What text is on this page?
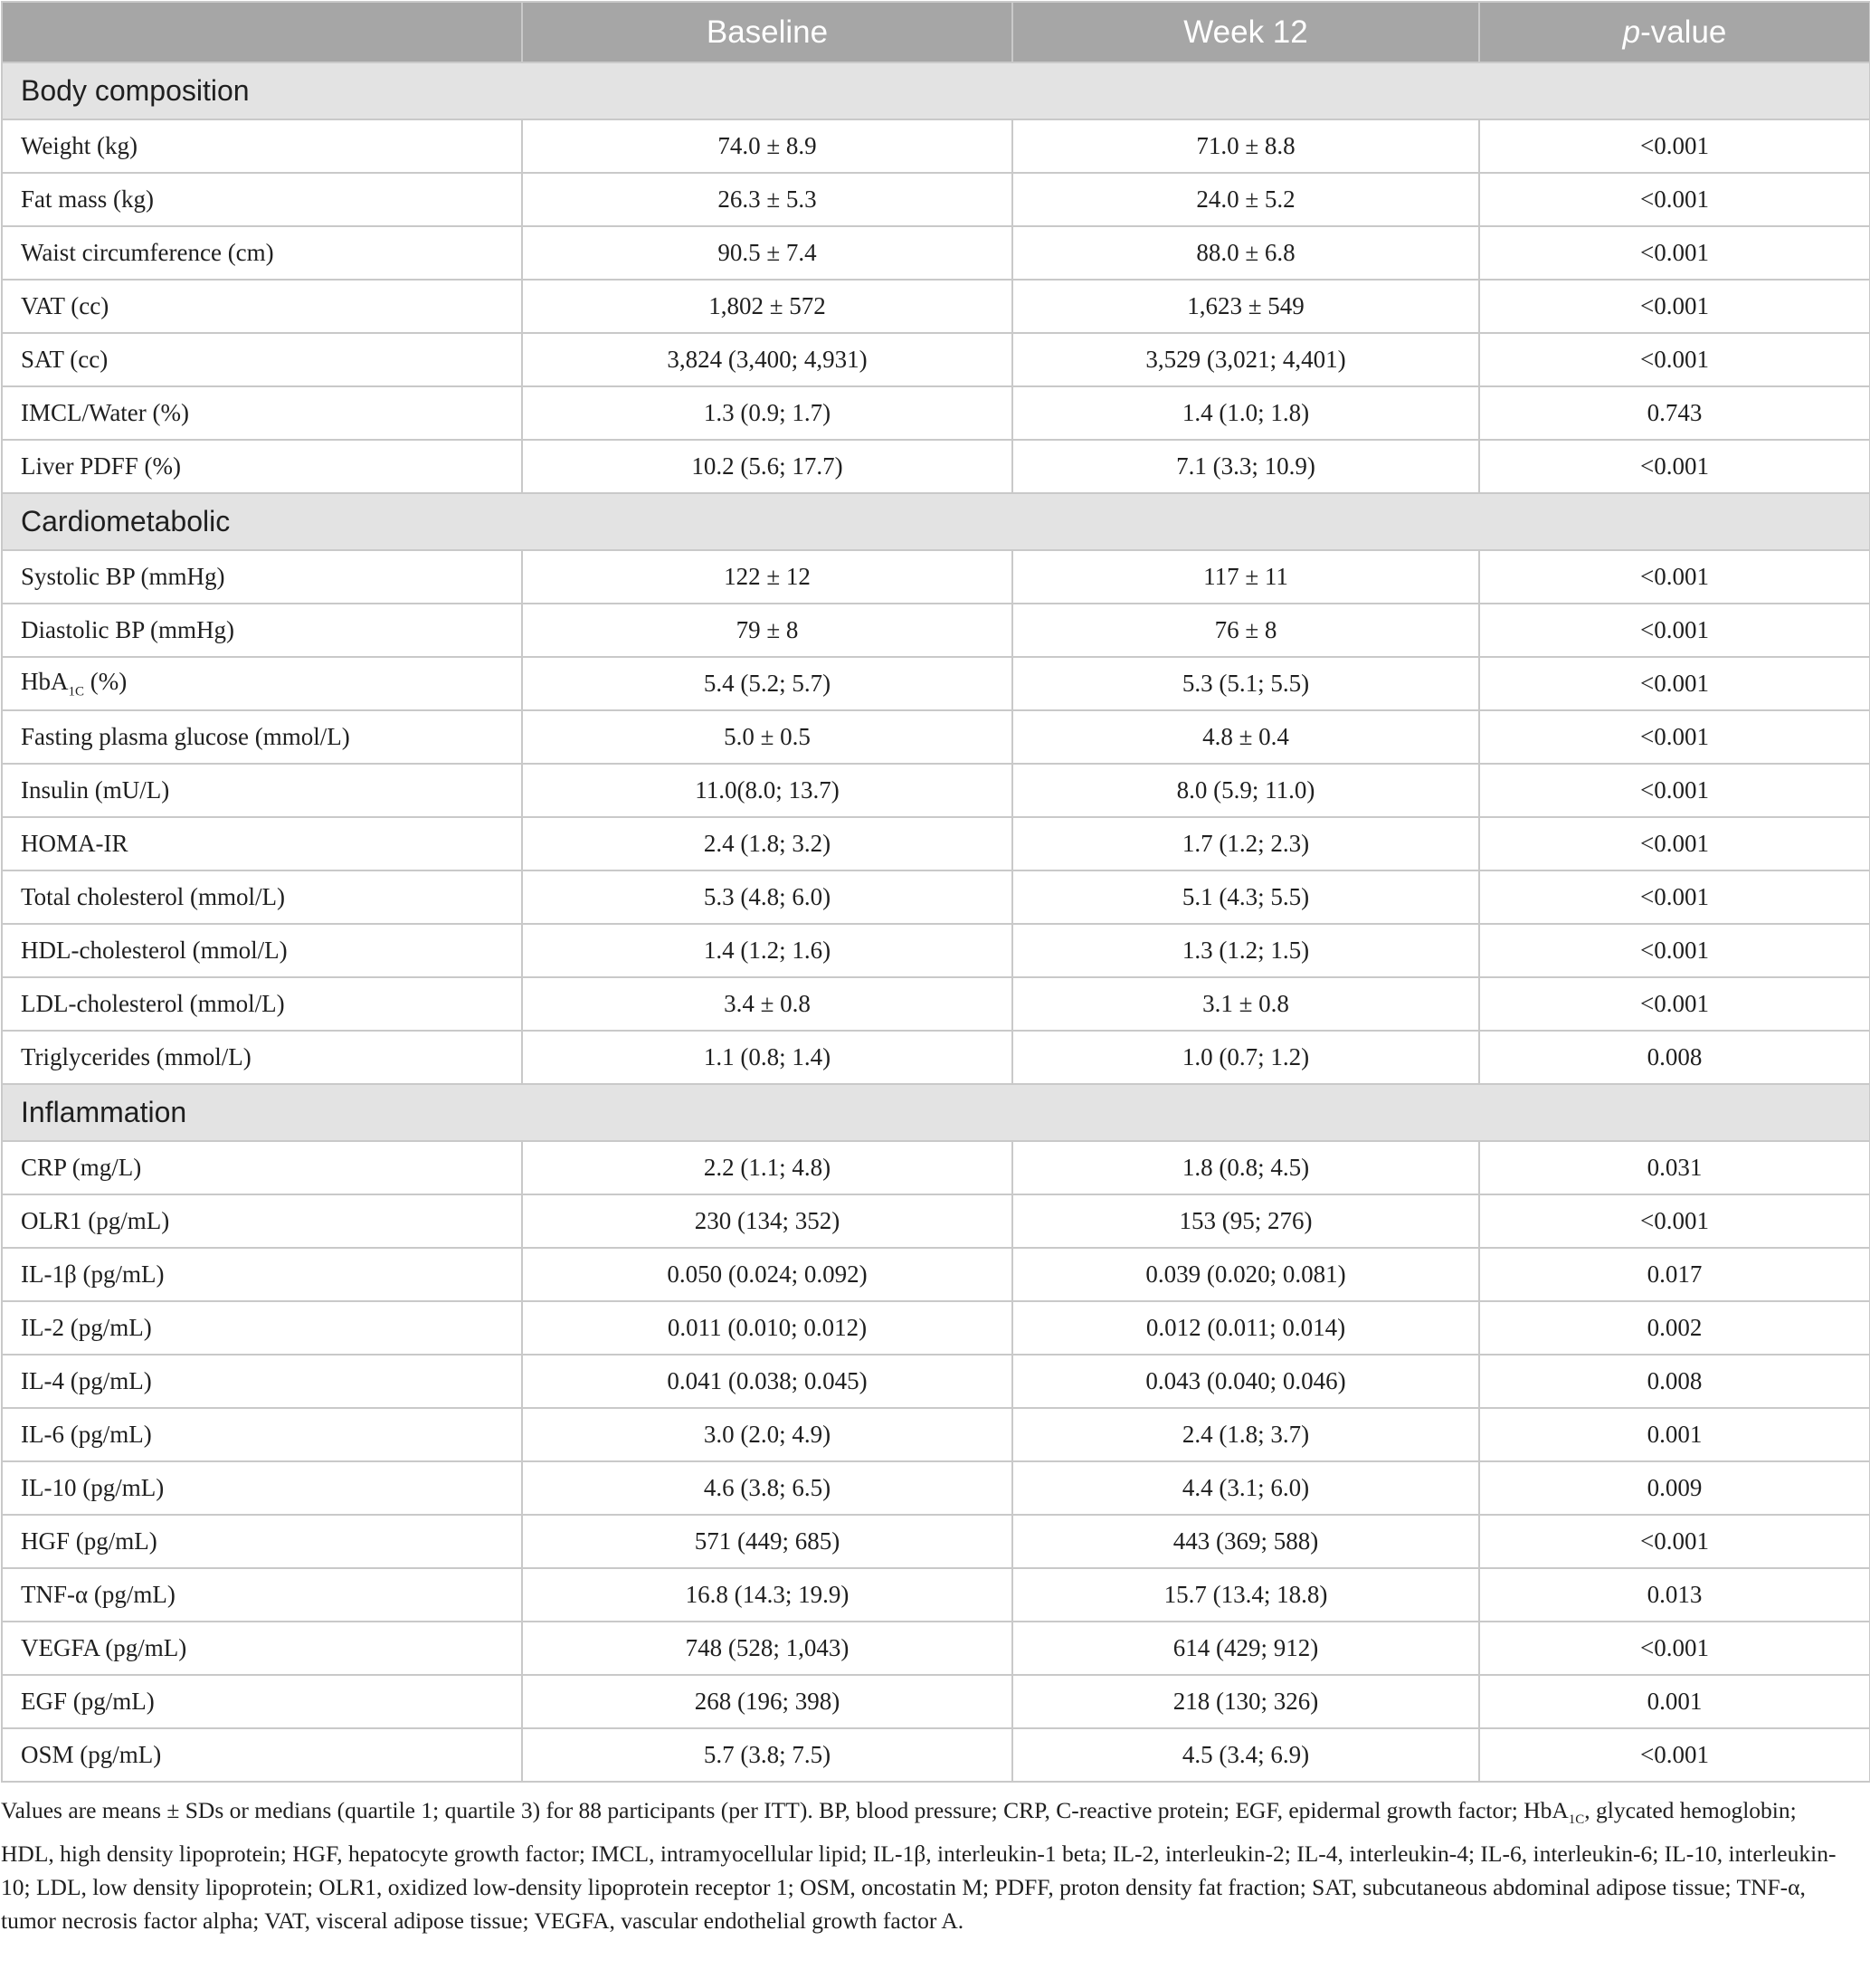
	Baseline	Week 12	p-value
Body composition			
Weight (kg)	74.0 ± 8.9	71.0 ± 8.8	<0.001
Fat mass (kg)	26.3 ± 5.3	24.0 ± 5.2	<0.001
Waist circumference (cm)	90.5 ± 7.4	88.0 ± 6.8	<0.001
VAT (cc)	1,802 ± 572	1,623 ± 549	<0.001
SAT (cc)	3,824 (3,400; 4,931)	3,529 (3,021; 4,401)	<0.001
IMCL/Water (%)	1.3 (0.9; 1.7)	1.4 (1.0; 1.8)	0.743
Liver PDFF (%)	10.2 (5.6; 17.7)	7.1 (3.3; 10.9)	<0.001
Cardiometabolic			
Systolic BP (mmHg)	122 ± 12	117 ± 11	<0.001
Diastolic BP (mmHg)	79 ± 8	76 ± 8	<0.001
HbA$_{1C}$ (%)	5.4 (5.2; 5.7)	5.3 (5.1; 5.5)	<0.001
Fasting plasma glucose (mmol/L)	5.0 ± 0.5	4.8 ± 0.4	<0.001
Insulin (mU/L)	11.0(8.0; 13.7)	8.0 (5.9; 11.0)	<0.001
HOMA-IR	2.4 (1.8; 3.2)	1.7 (1.2; 2.3)	<0.001
Total cholesterol (mmol/L)	5.3 (4.8; 6.0)	5.1 (4.3; 5.5)	<0.001
HDL-cholesterol (mmol/L)	1.4 (1.2; 1.6)	1.3 (1.2; 1.5)	<0.001
LDL-cholesterol (mmol/L)	3.4 ± 0.8	3.1 ± 0.8	<0.001
Triglycerides (mmol/L)	1.1 (0.8; 1.4)	1.0 (0.7; 1.2)	0.008
Inflammation			
CRP (mg/L)	2.2 (1.1; 4.8)	1.8 (0.8; 4.5)	0.031
OLR1 (pg/mL)	230 (134; 352)	153 (95; 276)	<0.001
IL-1β (pg/mL)	0.050 (0.024; 0.092)	0.039 (0.020; 0.081)	0.017
IL-2 (pg/mL)	0.011 (0.010; 0.012)	0.012 (0.011; 0.014)	0.002
IL-4 (pg/mL)	0.041 (0.038; 0.045)	0.043 (0.040; 0.046)	0.008
IL-6 (pg/mL)	3.0 (2.0; 4.9)	2.4 (1.8; 3.7)	0.001
IL-10 (pg/mL)	4.6 (3.8; 6.5)	4.4 (3.1; 6.0)	0.009
HGF (pg/mL)	571 (449; 685)	443 (369; 588)	<0.001
TNF-α (pg/mL)	16.8 (14.3; 19.9)	15.7 (13.4; 18.8)	0.013
VEGFA (pg/mL)	748 (528; 1,043)	614 (429; 912)	<0.001
EGF (pg/mL)	268 (196; 398)	218 (130; 326)	0.001
OSM (pg/mL)	5.7 (3.8; 7.5)	4.5 (3.4; 6.9)	<0.001
Values are means ± SDs or medians (quartile 1; quartile 3) for 88 participants (per ITT). BP, blood pressure; CRP, C-reactive protein; EGF, epidermal growth factor; HbA$_{1C}$, glycated hemoglobin; HDL, high density lipoprotein; HGF, hepatocyte growth factor; IMCL, intramyocellular lipid; IL-1β, interleukin-1 beta; IL-2, interleukin-2; IL-4, interleukin-4; IL-6, interleukin-6; IL-10, interleukin-10; LDL, low density lipoprotein; OLR1, oxidized low-density lipoprotein receptor 1; OSM, oncostatin M; PDFF, proton density fat fraction; SAT, subcutaneous abdominal adipose tissue; TNF-α, tumor necrosis factor alpha; VAT, visceral adipose tissue; VEGFA, vascular endothelial growth factor A.
